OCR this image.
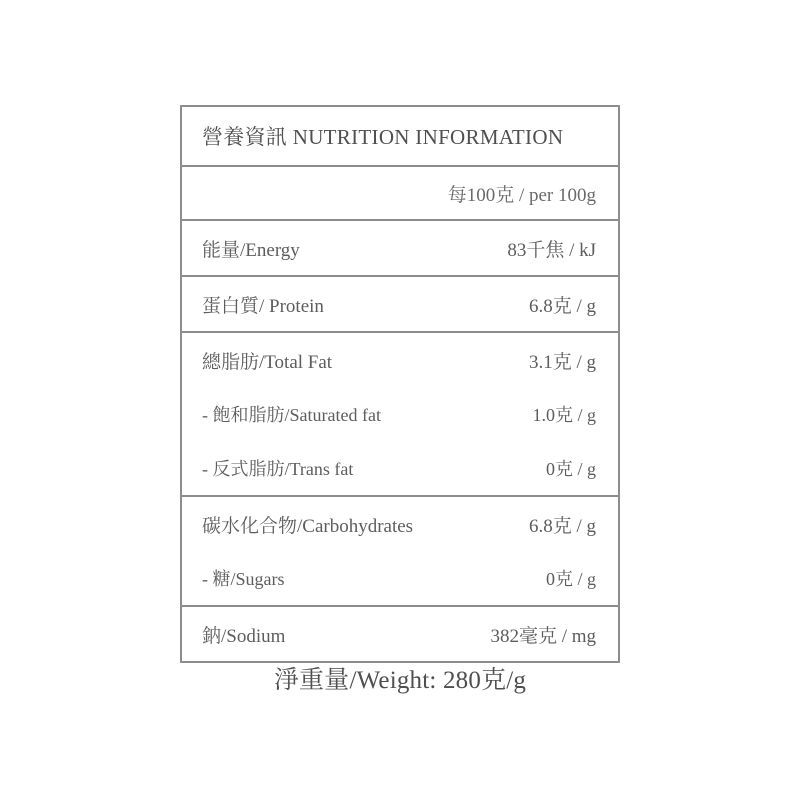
營養資訊 NUTRITION INFORMATION
每100克 / per 100g
能量/Energy	83千焦 / kJ
蛋白質/ Protein	6.8克 / g
總脂肪/Total Fat	3.1克 / g
- 飽和脂肪/Saturated fat	1.0克 / g
- 反式脂肪/Trans fat	0克 / g
碳水化合物/Carbohydrates	6.8克 / g
- 糖/Sugars	0克 / g
鈉/Sodium	382毫克 / mg
淨重量/Weight: 280克/g
